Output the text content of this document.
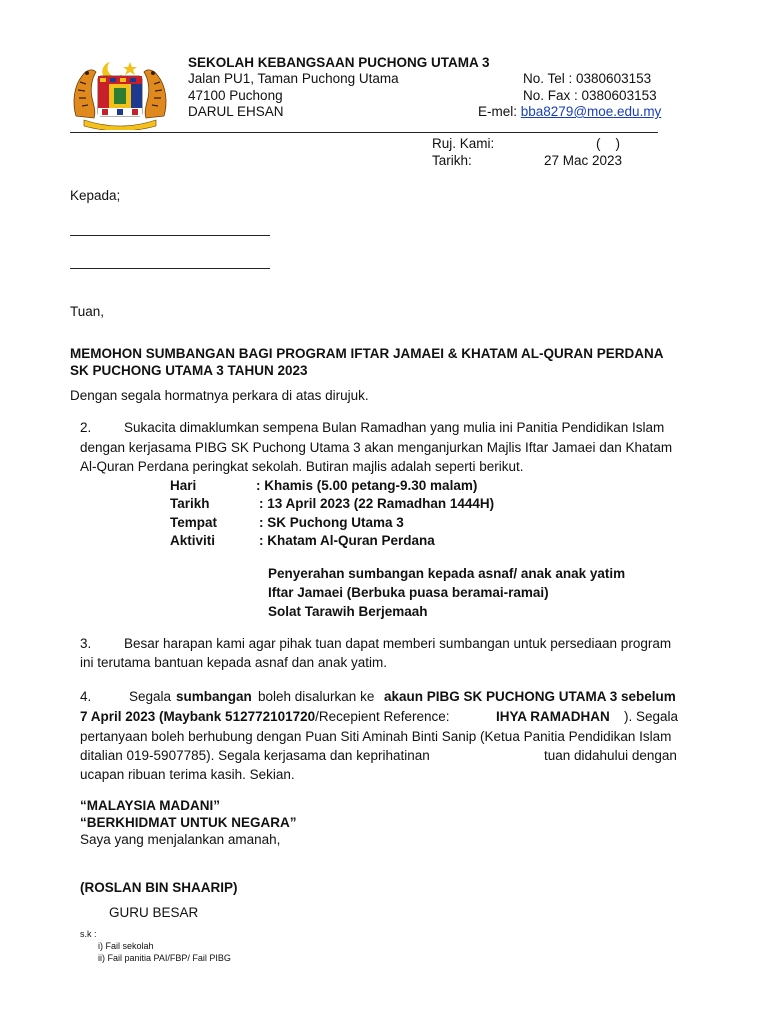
SEKOLAH KEBANGSAAN PUCHONG UTAMA 3
Jalan PU1, Taman Puchong Utama
47100 Puchong
DARUL EHSAN
No. Tel : 0380603153
No. Fax : 0380603153
E-mel: bba8279@moe.edu.my
Ruj. Kami:	(    )
Tarikh:	27 Mac 2023
Kepada;
Tuan,
MEMOHON SUMBANGAN BAGI PROGRAM IFTAR JAMAEI & KHATAM AL-QURAN PERDANA
SK PUCHONG UTAMA 3 TAHUN 2023
Dengan segala hormatnya perkara di atas dirujuk.
2. Sukacita dimaklumkan sempena Bulan Ramadhan yang mulia ini Panitia Pendidikan Islam
dengan kerjasama PIBG SK Puchong Utama 3 akan menganjurkan Majlis Iftar Jamaei dan Khatam
Al-Quran Perdana peringkat sekolah. Butiran majlis adalah seperti berikut.
Hari	: Khamis (5.00 petang-9.30 malam)
Tarikh	: 13 April 2023 (22 Ramadhan 1444H)
Tempat	: SK Puchong Utama 3
Aktiviti	: Khatam Al-Quran Perdana
Penyerahan sumbangan kepada asnaf/ anak anak yatim
Iftar Jamaei (Berbuka puasa beramai-ramai)
Solat Tarawih Berjemaah
3. Besar harapan kami agar pihak tuan dapat memberi sumbangan untuk persediaan program
ini terutama bantuan kepada asnaf dan anak yatim.
4.	Segala sumbangan boleh disalurkan ke akaun PIBG SK PUCHONG UTAMA 3 sebelum
7 April 2023 (Maybank 512772101720/Recepient Reference:	IHYA RAMADHAN ). Segala
pertanyaan boleh berhubung dengan Puan Siti Aminah Binti Sanip (Ketua Panitia Pendidikan Islam
ditalian 019-5907785). Segala kerjasama dan keprihatinan	tuan didahului dengan
ucapan ribuan terima kasih. Sekian.
“MALAYSIA MADANI”
“BERKHIDMAT UNTUK NEGARA”
Saya yang menjalankan amanah,
(ROSLAN BIN SHAARIP)
GURU BESAR
s.k :
i) Fail sekolah
ii) Fail panitia PAI/FBP/ Fail PIBG
